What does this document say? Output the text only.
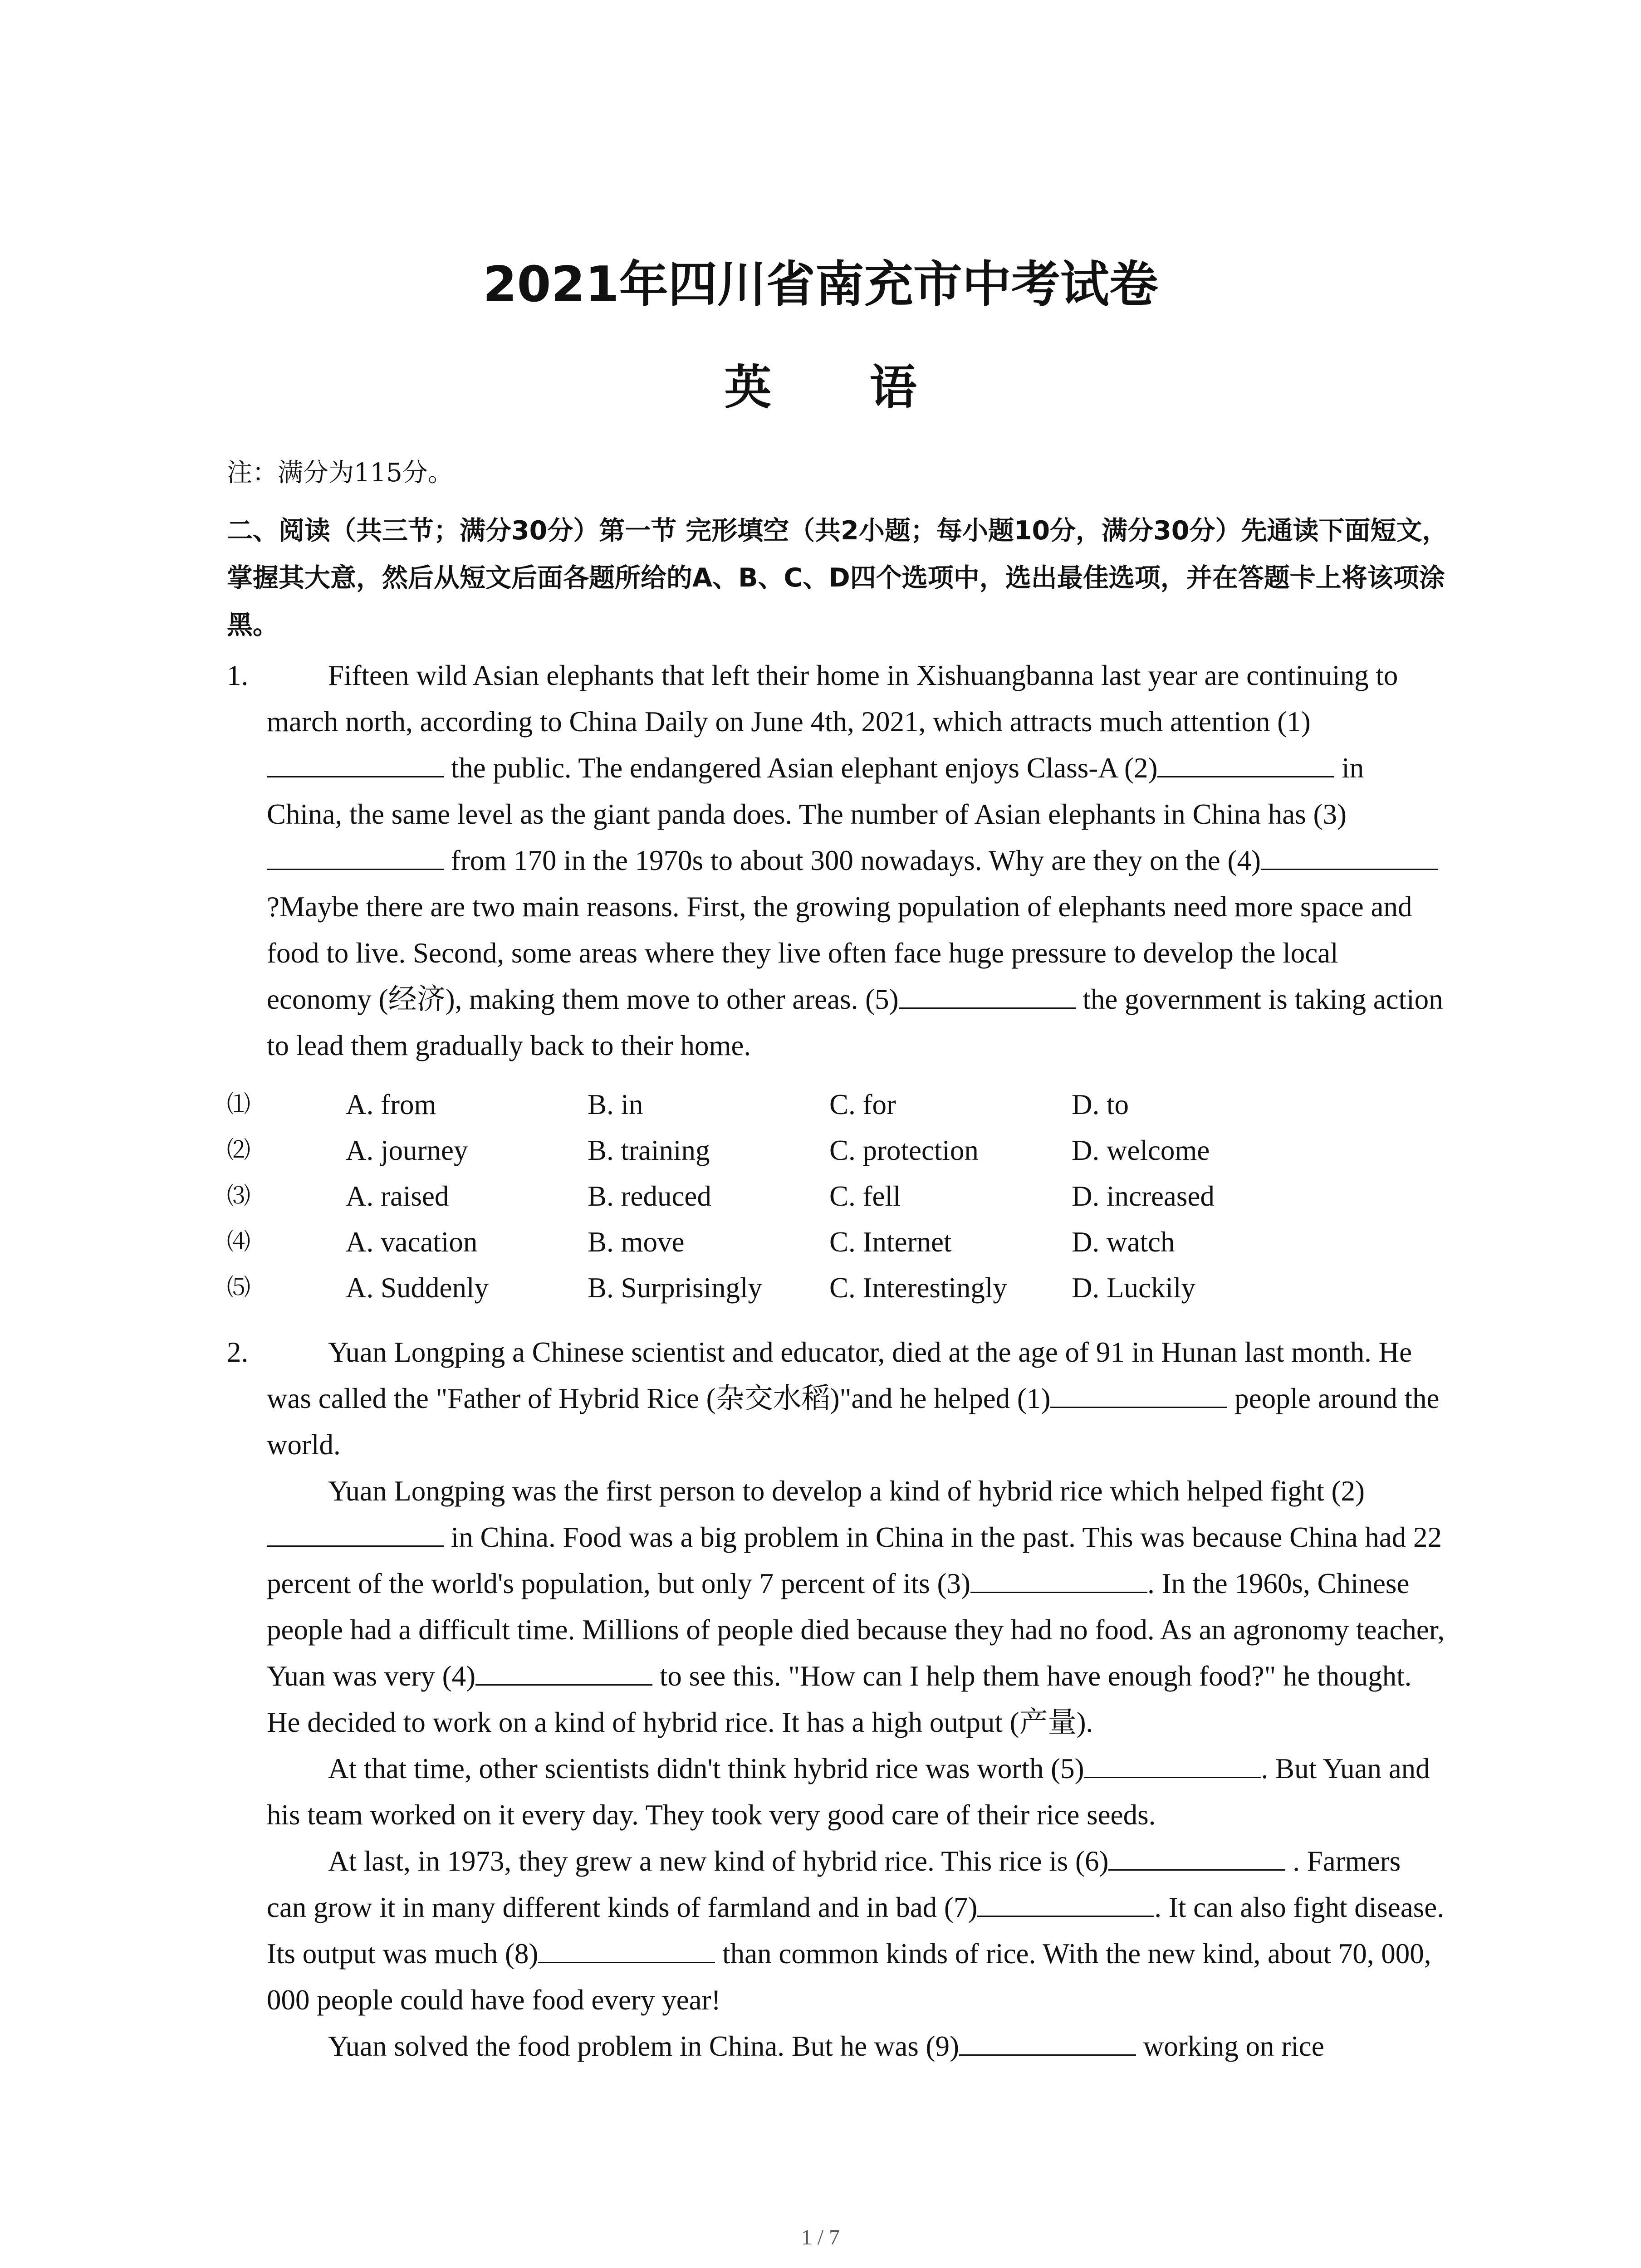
2021年四川省南充市中考试卷
英 语
注：满分为115分。
二、阅读（共三节；满分30分）第一节 完形填空（共2小题；每小题10分，满分30分）先通读下面短文，掌握其大意，然后从短文后面各题所给的A、B、C、D四个选项中，选出最佳选项，并在答题卡上将该项涂黑。
1.	Fifteen wild Asian elephants that left their home in Xishuangbanna last year are continuing to march north, according to China Daily on June 4th, 2021, which attracts much attention (1) the public. The endangered Asian elephant enjoys Class-A (2)	in China, the same level as the giant panda does. The number of Asian elephants in China has (3) from 170 in the 1970s to about 300 nowadays. Why are they on the (4)?Maybe there are two main reasons. First, the growing population of elephants need more space and food to live. Second, some areas where they live often face huge pressure to develop the local economy (经济), making them move to other areas. (5)	the government is taking action to lead them gradually back to their home.

⑴	A. from	B. in	C. for	D. to
⑵	A. journey	B. training	C. protection	D. welcome
⑶	A. raised	B. reduced	C. fell	D. increased
⑷	A. vacation	B. move	C. Internet	D. watch
⑸	A. Suddenly	B. Surprisingly C. Interestingly D. Luckily
2.	Yuan Longping a Chinese scientist and educator, died at the age of 91 in Hunan last month. He was called the "Father of Hybrid Rice (杂交水稻)"and he helped (1)	people around the world.

Yuan Longping was the first person to develop a kind of hybrid rice which helped fight (2) in China. Food was a big problem in China in the past. This was because China had 22 percent of the world's population, but only 7 percent of its (3)	. In the 1960s, Chinese people had a difficult time. Millions of people died because they had no food. As an agronomy teacher, Yuan was very (4)	to see this. "How can I help them have enough food?" he thought. He decided to work on a kind of hybrid rice. It has a high output (产量).

At that time, other scientists didn't think hybrid rice was worth (5)	. But Yuan and his team worked on it every day. They took very good care of their rice seeds.

At last, in 1973, they grew a new kind of hybrid rice. This rice is (6)	. Farmers can grow it in many different kinds of farmland and in bad (7)	. It can also fight disease. Its output was much (8)	than common kinds of rice. With the new kind, about 70, 000, 000 people could have food every year!

Yuan solved the food problem in China. But he was (9)	working on rice

1 / 7
